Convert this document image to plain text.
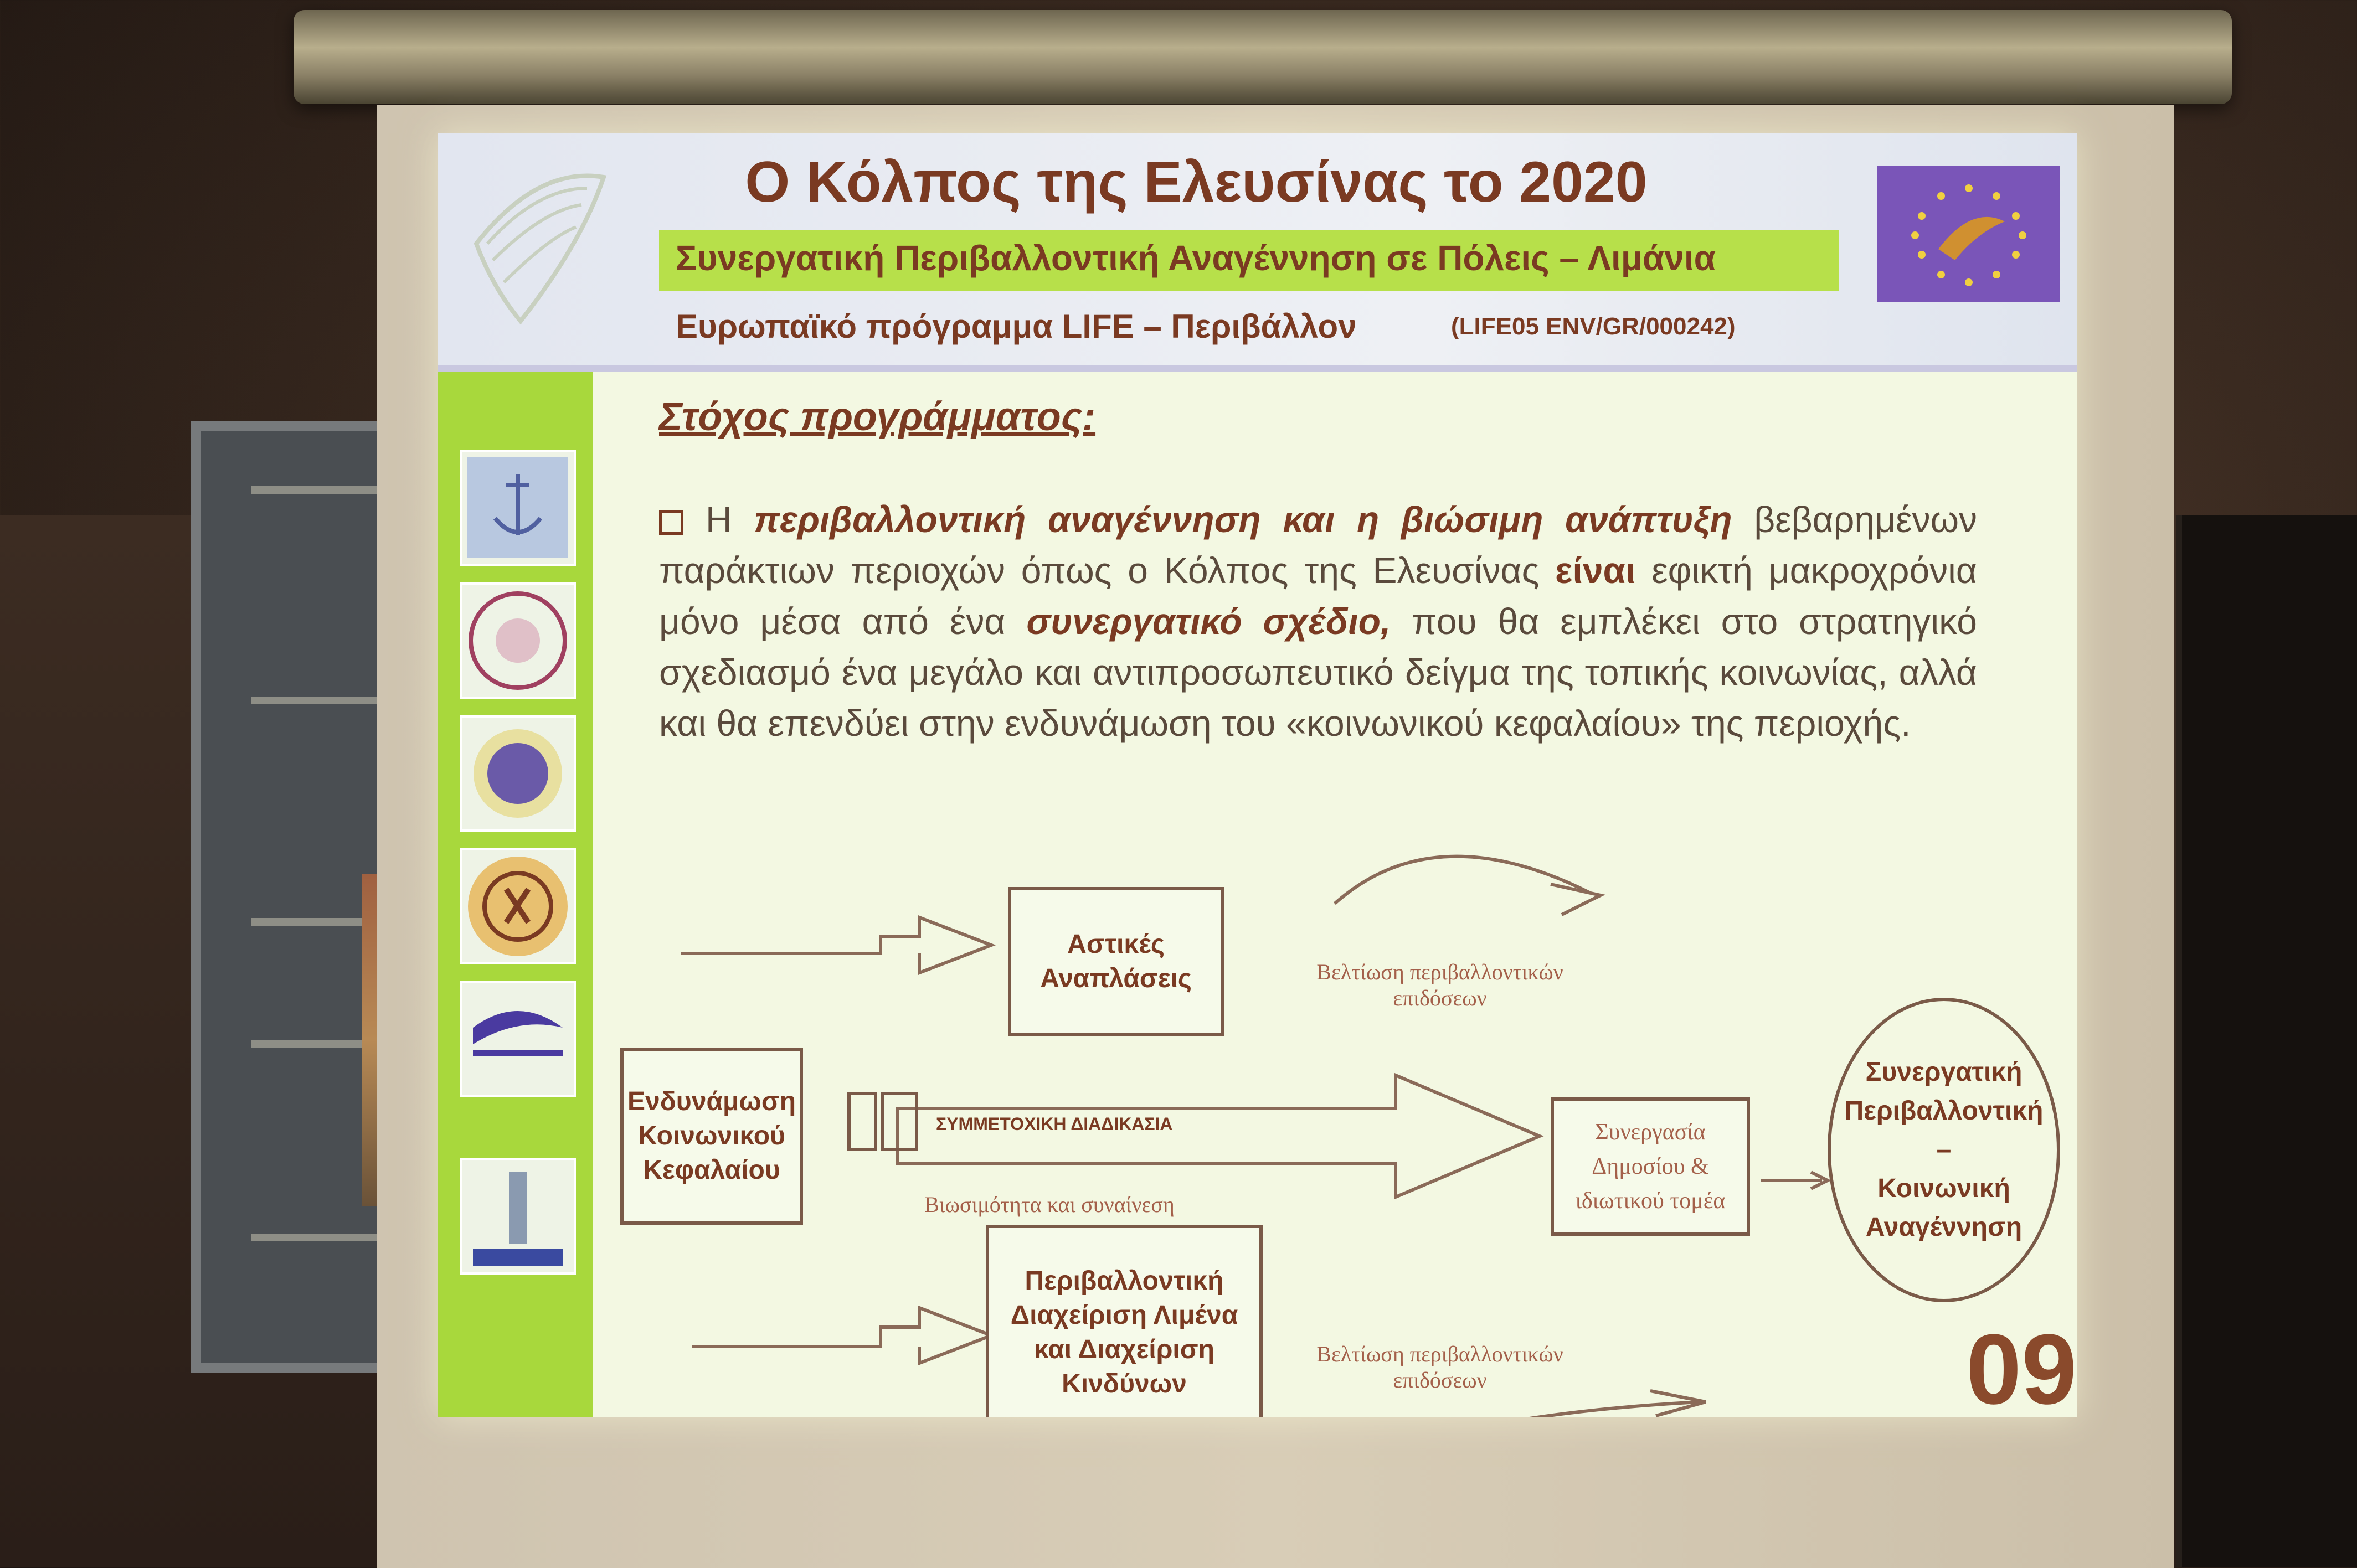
Ο Κόλπος της Ελευσίνας το 2020
Συνεργατική Περιβαλλοντική Αναγέννηση σε Πόλεις – Λιμάνια
Ευρωπαϊκό πρόγραμμα LIFE – Περιβάλλον	(LIFE05 ENV/GR/000242)
Στόχος προγράμματος:
Η περιβαλλοντική αναγέννηση και η βιώσιμη ανάπτυξη βεβαρημένων παράκτιων περιοχών όπως ο Κόλπος της Ελευσίνας είναι εφικτή μακροχρόνια μόνο μέσα από ένα συνεργατικό σχέδιο, που θα εμπλέκει στο στρατηγικό σχεδιασμό ένα μεγάλο και αντιπροσωπευτικό δείγμα της τοπικής κοινωνίας, αλλά και θα επενδύει στην ενδυνάμωση του «κοινωνικού κεφαλαίου» της περιοχής.
Ενδυνάμωση Κοινωνικού Κεφαλαίου
Αστικές Αναπλάσεις
Περιβαλλοντική Διαχείριση Λιμένα και Διαχείριση Κινδύνων
Συνεργασία Δημοσίου & ιδιωτικού τομέα
ΣΥΜΜΕΤΟΧΙΚΗ ΔΙΑΔΙΚΑΣΙΑ
Βιωσιμότητα και συναίνεση
Βελτίωση περιβαλλοντικών επιδόσεων
Βελτίωση περιβαλλοντικών επιδόσεων
Συνεργατική Περιβαλλοντική
–
Κοινωνική Αναγέννηση
09
